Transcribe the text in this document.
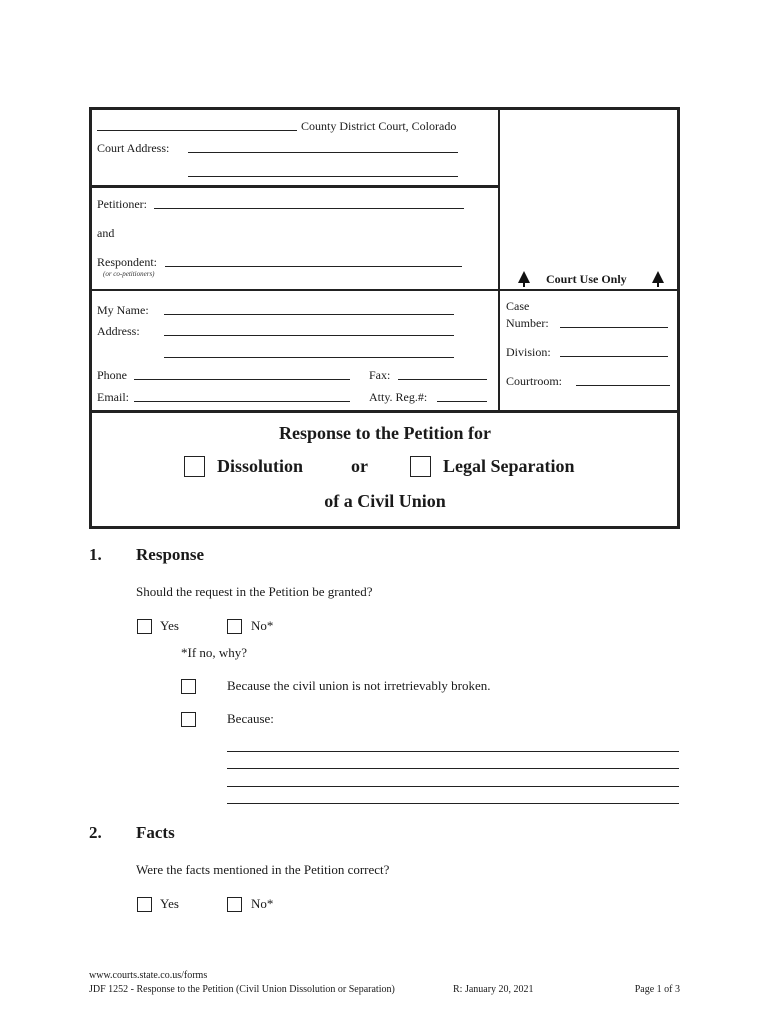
County District Court, Colorado
Court Address:
Petitioner:
and
Respondent:
(or co-petitioners)	Court Use Only
My Name:
Address:
Phone	Fax:
Email:	Atty. Reg.#:
Case
Number:
Division:
Courtroom:
Response to the Petition for
Dissolution	or	Legal Separation
of a Civil Union
1. Response
Should the request in the Petition be granted?
Yes	No*
*If no, why?
Because the civil union is not irretrievably broken.
Because:
2. Facts
Were the facts mentioned in the Petition correct?
Yes	No*
www.courts.state.co.us/forms
JDF 1252 - Response to the Petition (Civil Union Dissolution or Separation)	R: January 20, 2021	Page 1 of 3
